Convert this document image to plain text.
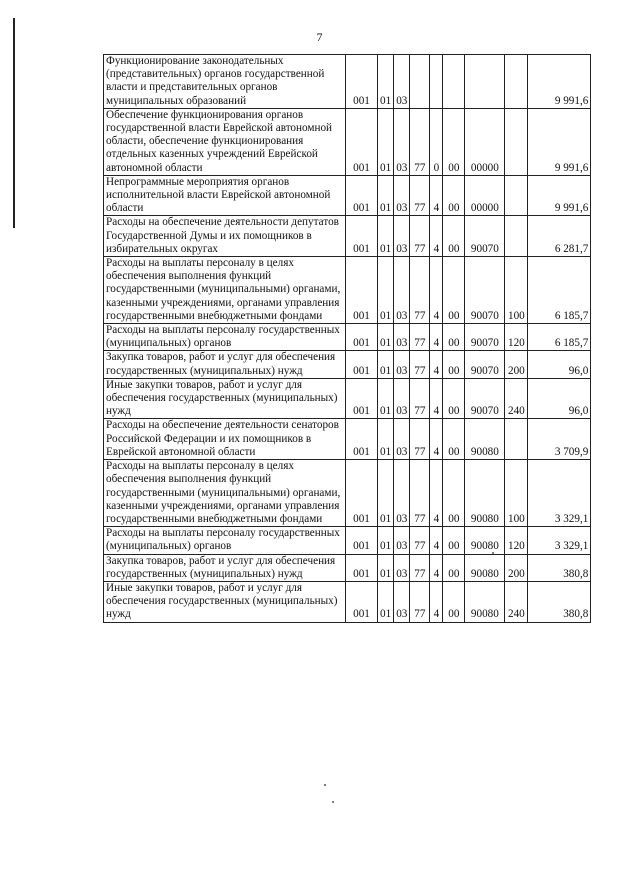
7
Функционирование законодательных (представительных) органов государственной власти и представительных органов муниципальных образований	001	01	03						9 991,6
Обеспечение функционирования органов государственной власти Еврейской автономной области, обеспечение функционирования отдельных казенных учреждений Еврейской автономной области	001	01	03	77	0	00	00000		9 991,6
Непрограммные мероприятия органов исполнительной власти Еврейской автономной области	001	01	03	77	4	00	00000		9 991,6
Расходы на обеспечение деятельности депутатов Государственной Думы и их помощников в избирательных округах	001	01	03	77	4	00	90070		6 281,7
Расходы на выплаты персоналу в целях обеспечения выполнения функций государственными (муниципальными) органами, казенными учреждениями, органами управления государственными внебюджетными фондами	001	01	03	77	4	00	90070	100	6 185,7
Расходы на выплаты персоналу государственных (муниципальных) органов	001	01	03	77	4	00	90070	120	6 185,7
Закупка товаров, работ и услуг для обеспечения государственных (муниципальных) нужд	001	01	03	77	4	00	90070	200	96,0
Иные закупки товаров, работ и услуг для обеспечения государственных (муниципальных) нужд	001	01	03	77	4	00	90070	240	96,0
Расходы на обеспечение деятельности сенаторов Российской Федерации и их помощников в Еврейской автономной области	001	01	03	77	4	00	90080		3 709,9
Расходы на выплаты персоналу в целях обеспечения выполнения функций государственными (муниципальными) органами, казенными учреждениями, органами управления государственными внебюджетными фондами	001	01	03	77	4	00	90080	100	3 329,1
Расходы на выплаты персоналу государственных (муниципальных) органов	001	01	03	77	4	00	90080	120	3 329,1
Закупка товаров, работ и услуг для обеспечения государственных (муниципальных) нужд	001	01	03	77	4	00	90080	200	380,8
Иные закупки товаров, работ и услуг для обеспечения государственных (муниципальных) нужд	001	01	03	77	4	00	90080	240	380,8
